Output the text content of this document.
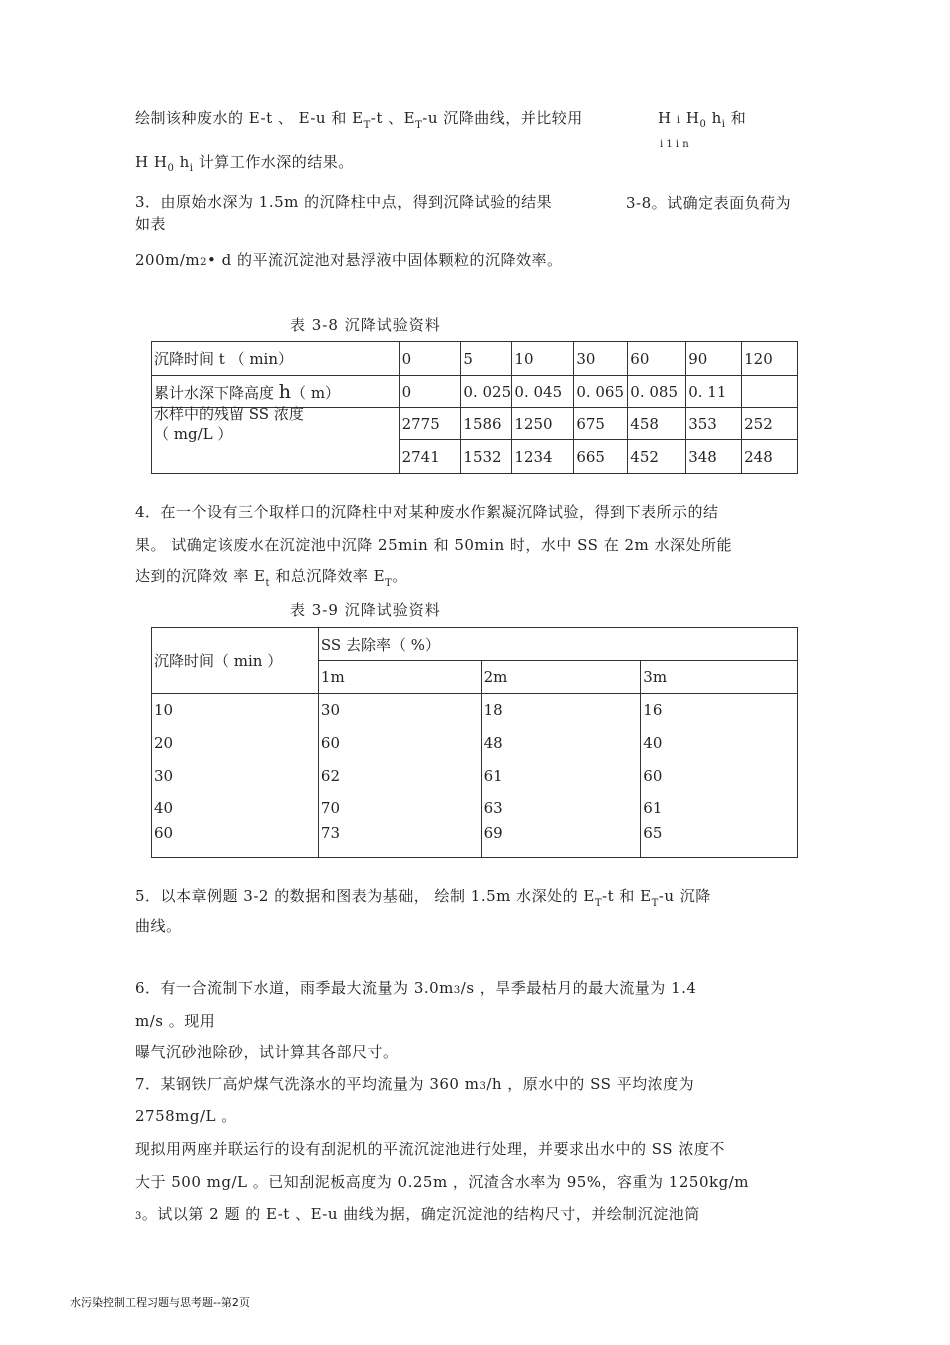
绘制该种废水的 E-t 、 E-u 和 $E_T-t$ 、$E_T-u$ 沉降曲线，并比较用	H i $H_0$ $h_i$ 和
i 1 i n
H $H_0$ $h_i$ 计算工作水深的结果。
3．由原始水深为 1.5m 的沉降柱中点，得到沉降试验的结果	3-8。试确定表面负荷为
如表
200m/m2• d 的平流沉淀池对悬浮液中固体颗粒的沉降效率。
表 3-8 沉降试验资料
沉降时间 t （ min）	0	5	10	30	60	90	120
累计水深下降高度 h（ m）	0	0. 025	0. 045	0. 065	0. 085	0. 11	

水样中的残留 SS 浓度
（ mg/L ）	2775	1586	1250	675	458	353	252
	2741	1532	1234	665	452	348	248
4．在一个设有三个取样口的沉降柱中对某种废水作絮凝沉降试验，得到下表所示的结
果。 试确定该废水在沉淀池中沉降 25min 和 50min 时，水中 SS 在 2m 水深处所能
达到的沉降效 率 $E_t$ 和总沉降效率 $E_T$。
表 3-9 沉降试验资料
沉降时间（ min ）	SS 去除率（ %）		
	1m	2m	3m
10	30	18	16
20	60	48	40
30	62	61	60
40	70	63	61
60	73	69	65
5．以本章例题 3-2 的数据和图表为基础， 绘制 1.5m 水深处的 $E_T-t$ 和 $E_T-u$ 沉降
曲线。
6．有一合流制下水道，雨季最大流量为 3.0m3/s ，旱季最枯月的最大流量为 1.4
m/s 。现用
曝气沉砂池除砂，试计算其各部尺寸。
7．某钢铁厂高炉煤气洗涤水的平均流量为 360 m3/h ，原水中的 SS 平均浓度为
2758mg/L 。
现拟用两座并联运行的设有刮泥机的平流沉淀池进行处理，并要求出水中的 SS 浓度不
大于 500 mg/L 。已知刮泥板高度为 0.25m ，沉渣含水率为 95%，容重为 1250kg/m
3。试以第 2 题 的 E-t 、E-u 曲线为据，确定沉淀池的结构尺寸，并绘制沉淀池筒
水污染控制工程习题与思考题--第2页
